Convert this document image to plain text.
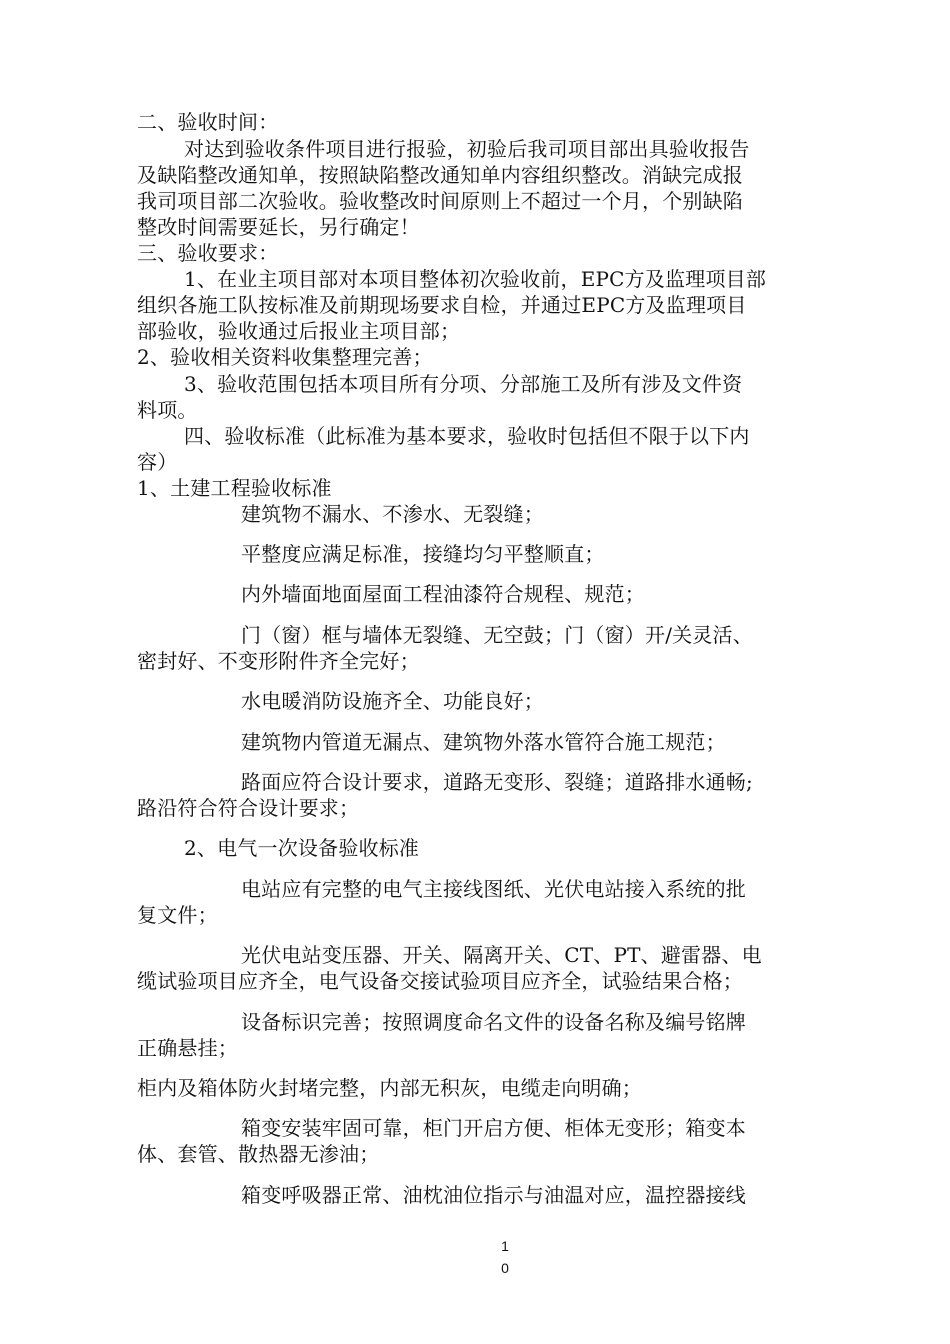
二、验收时间：
对达到验收条件项目进行报验，初验后我司项目部出具验收报告
及缺陷整改通知单，按照缺陷整改通知单内容组织整改。消缺完成报
我司项目部二次验收。验收整改时间原则上不超过一个月，个别缺陷
整改时间需要延长，另行确定！
三、验收要求：
1、在业主项目部对本项目整体初次验收前，EPC方及监理项目部
组织各施工队按标准及前期现场要求自检，并通过EPC方及监理项目
部验收，验收通过后报业主项目部；
2、验收相关资料收集整理完善；
3、验收范围包括本项目所有分项、分部施工及所有涉及文件资
料项。
四、验收标准（此标准为基本要求，验收时包括但不限于以下内
容）
1、土建工程验收标准
建筑物不漏水、不渗水、无裂缝；
平整度应满足标准，接缝均匀平整顺直；
内外墙面地面屋面工程油漆符合规程、规范；
门（窗）框与墙体无裂缝、无空鼓；门（窗）开/关灵活、
密封好、不变形附件齐全完好；
水电暖消防设施齐全、功能良好；
建筑物内管道无漏点、建筑物外落水管符合施工规范；
路面应符合设计要求，道路无变形、裂缝；道路排水通畅;
路沿符合符合设计要求；
2、电气一次设备验收标准
电站应有完整的电气主接线图纸、光伏电站接入系统的批
复文件；
光伏电站变压器、开关、隔离开关、CT、PT、避雷器、电
缆试验项目应齐全，电气设备交接试验项目应齐全，试验结果合格；
设备标识完善；按照调度命名文件的设备名称及编号铭牌
正确悬挂；
柜内及箱体防火封堵完整，内部无积灰，电缆走向明确；
箱变安装牢固可靠，柜门开启方便、柜体无变形；箱变本
体、套管、散热器无渗油；
箱变呼吸器正常、油枕油位指示与油温对应，温控器接线
1
0
